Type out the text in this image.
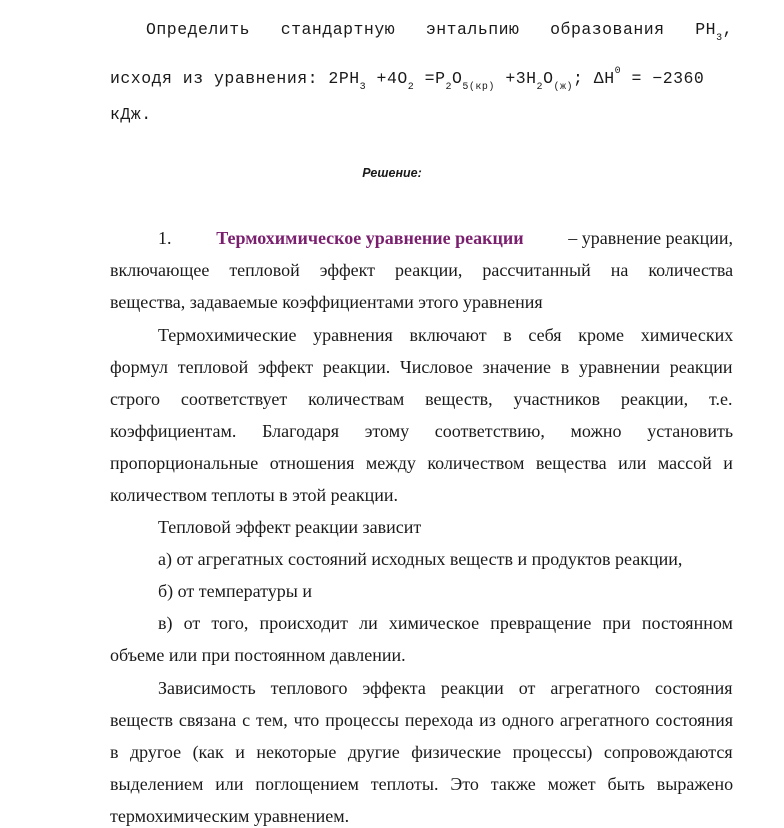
Определить стандартную энтальпию образования $PH_3$,
исходя из уравнения: $2PH_3 +4O_2 =P_2O_{5(кр)} +3H_2O_{(ж)}$; $\Delta H^0 = -2360$
кДж.
Решение:
1. Термохимическое уравнение реакции – уравнение реакции,
включающее тепловой эффект реакции, рассчитанный на количества
вещества, задаваемые коэффициентами этого уравнения
Термохимические уравнения включают в себя кроме химических
формул тепловой эффект реакции. Числовое значение в уравнении реакции
строго соответствует количествам веществ, участников реакции, т.е.
коэффициентам. Благодаря этому соответствию, можно установить
пропорциональные отношения между количеством вещества или массой и
количеством теплоты в этой реакции.
Тепловой эффект реакции зависит
а) от агрегатных состояний исходных веществ и продуктов реакции,
б) от температуры и
в) от того, происходит ли химическое превращение при постоянном
объеме или при постоянном давлении.
Зависимость теплового эффекта реакции от агрегатного состояния
веществ связана с тем, что процессы перехода из одного агрегатного состояния
в другое (как и некоторые другие физические процессы) сопровождаются
выделением или поглощением теплоты. Это также может быть выражено
термохимическим уравнением.
